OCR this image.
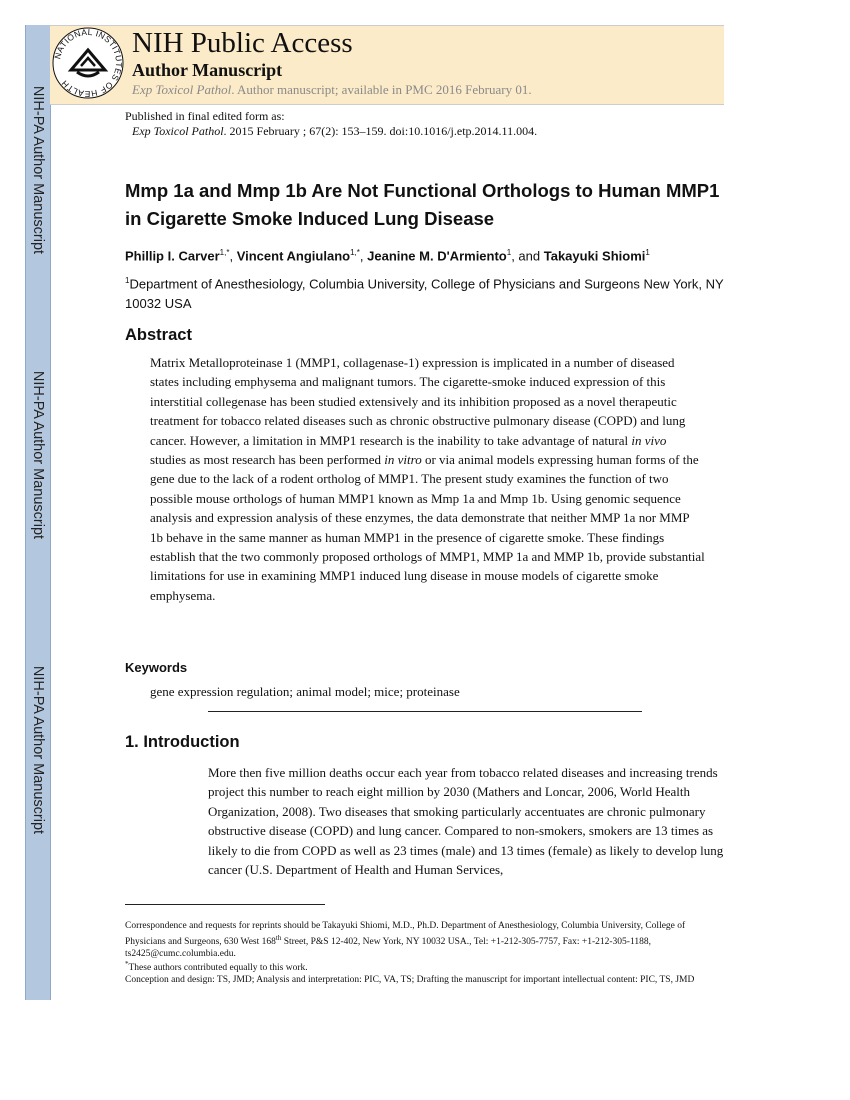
NIH-PA Author Manuscript
NIH-PA Author Manuscript
NIH-PA Author Manuscript
NATIONAL INSTITUTES OF HEALTH
NIH Public Access
Author Manuscript
Exp Toxicol Pathol. Author manuscript; available in PMC 2016 February 01.
Published in final edited form as:
Exp Toxicol Pathol. 2015 February ; 67(2): 153–159. doi:10.1016/j.etp.2014.11.004.
Mmp 1a and Mmp 1b Are Not Functional Orthologs to Human MMP1 in Cigarette Smoke Induced Lung Disease
Phillip I. Carver$^{1,*}$, Vincent Angiulano$^{1,*}$, Jeanine M. D'Armiento$^1$, and Takayuki Shiomi$^1$
$^1$Department of Anesthesiology, Columbia University, College of Physicians and Surgeons New York, NY 10032 USA
Abstract
Matrix Metalloproteinase 1 (MMP1, collagenase-1) expression is implicated in a number of diseased states including emphysema and malignant tumors. The cigarette-smoke induced expression of this interstitial collegenase has been studied extensively and its inhibition proposed as a novel therapeutic treatment for tobacco related diseases such as chronic obstructive pulmonary disease (COPD) and lung cancer. However, a limitation in MMP1 research is the inability to take advantage of natural in vivo studies as most research has been performed in vitro or via animal models expressing human forms of the gene due to the lack of a rodent ortholog of MMP1. The present study examines the function of two possible mouse orthologs of human MMP1 known as Mmp 1a and Mmp 1b. Using genomic sequence analysis and expression analysis of these enzymes, the data demonstrate that neither MMP 1a nor MMP 1b behave in the same manner as human MMP1 in the presence of cigarette smoke. These findings establish that the two commonly proposed orthologs of MMP1, MMP 1a and MMP 1b, provide substantial limitations for use in examining MMP1 induced lung disease in mouse models of cigarette smoke emphysema.
Keywords
gene expression regulation; animal model; mice; proteinase
1. Introduction
More then five million deaths occur each year from tobacco related diseases and increasing trends project this number to reach eight million by 2030 (Mathers and Loncar, 2006, World Health Organization, 2008). Two diseases that smoking particularly accentuates are chronic pulmonary obstructive disease (COPD) and lung cancer. Compared to non-smokers, smokers are 13 times as likely to die from COPD as well as 23 times (male) and 13 times (female) as likely to develop lung cancer (U.S. Department of Health and Human Services,
Correspondence and requests for reprints should be Takayuki Shiomi, M.D., Ph.D. Department of Anesthesiology, Columbia University, College of Physicians and Surgeons, 630 West 168th Street, P&S 12-402, New York, NY 10032 USA., Tel: +1-212-305-7757, Fax: +1-212-305-1188, ts2425@cumc.columbia.edu.
*These authors contributed equally to this work.
Conception and design: TS, JMD; Analysis and interpretation: PIC, VA, TS; Drafting the manuscript for important intellectual content: PIC, TS, JMD
